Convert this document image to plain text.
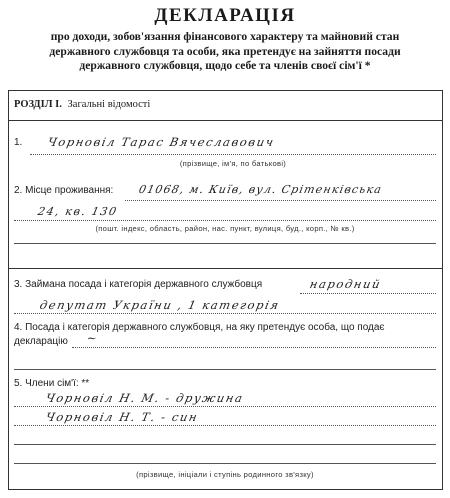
ДЕКЛАРАЦІЯ
про доходи, зобов'язання фінансового характеру та майновий стан
державного службовця та особи, яка претендує на зайняття посади
державного службовця, щодо себе та членів своєї сім'ї *
РОЗДІЛ І. Загальні відомості
1. Чорновіл Тарас Вячеславович
(прізвище, ім'я, по батькові)
2. Місце проживання: 01068, м. Київ, вул. Срітенківська
24, кв. 130
(пошт. індекс, область, район, нас. пункт, вулиця, буд., корп., № кв.)
3. Займана посада і категорія державного службовця	народний
депутат України , 1 категорія
4. Посада і категорія державного службовця, на яку претендує особа, що подає
декларацію ~
5. Члени сім'ї: **
Чорновіл Н. М. - дружина
Чорновіл Н. Т. - син
(прізвище, ініціали і ступінь родинного зв'язку)
